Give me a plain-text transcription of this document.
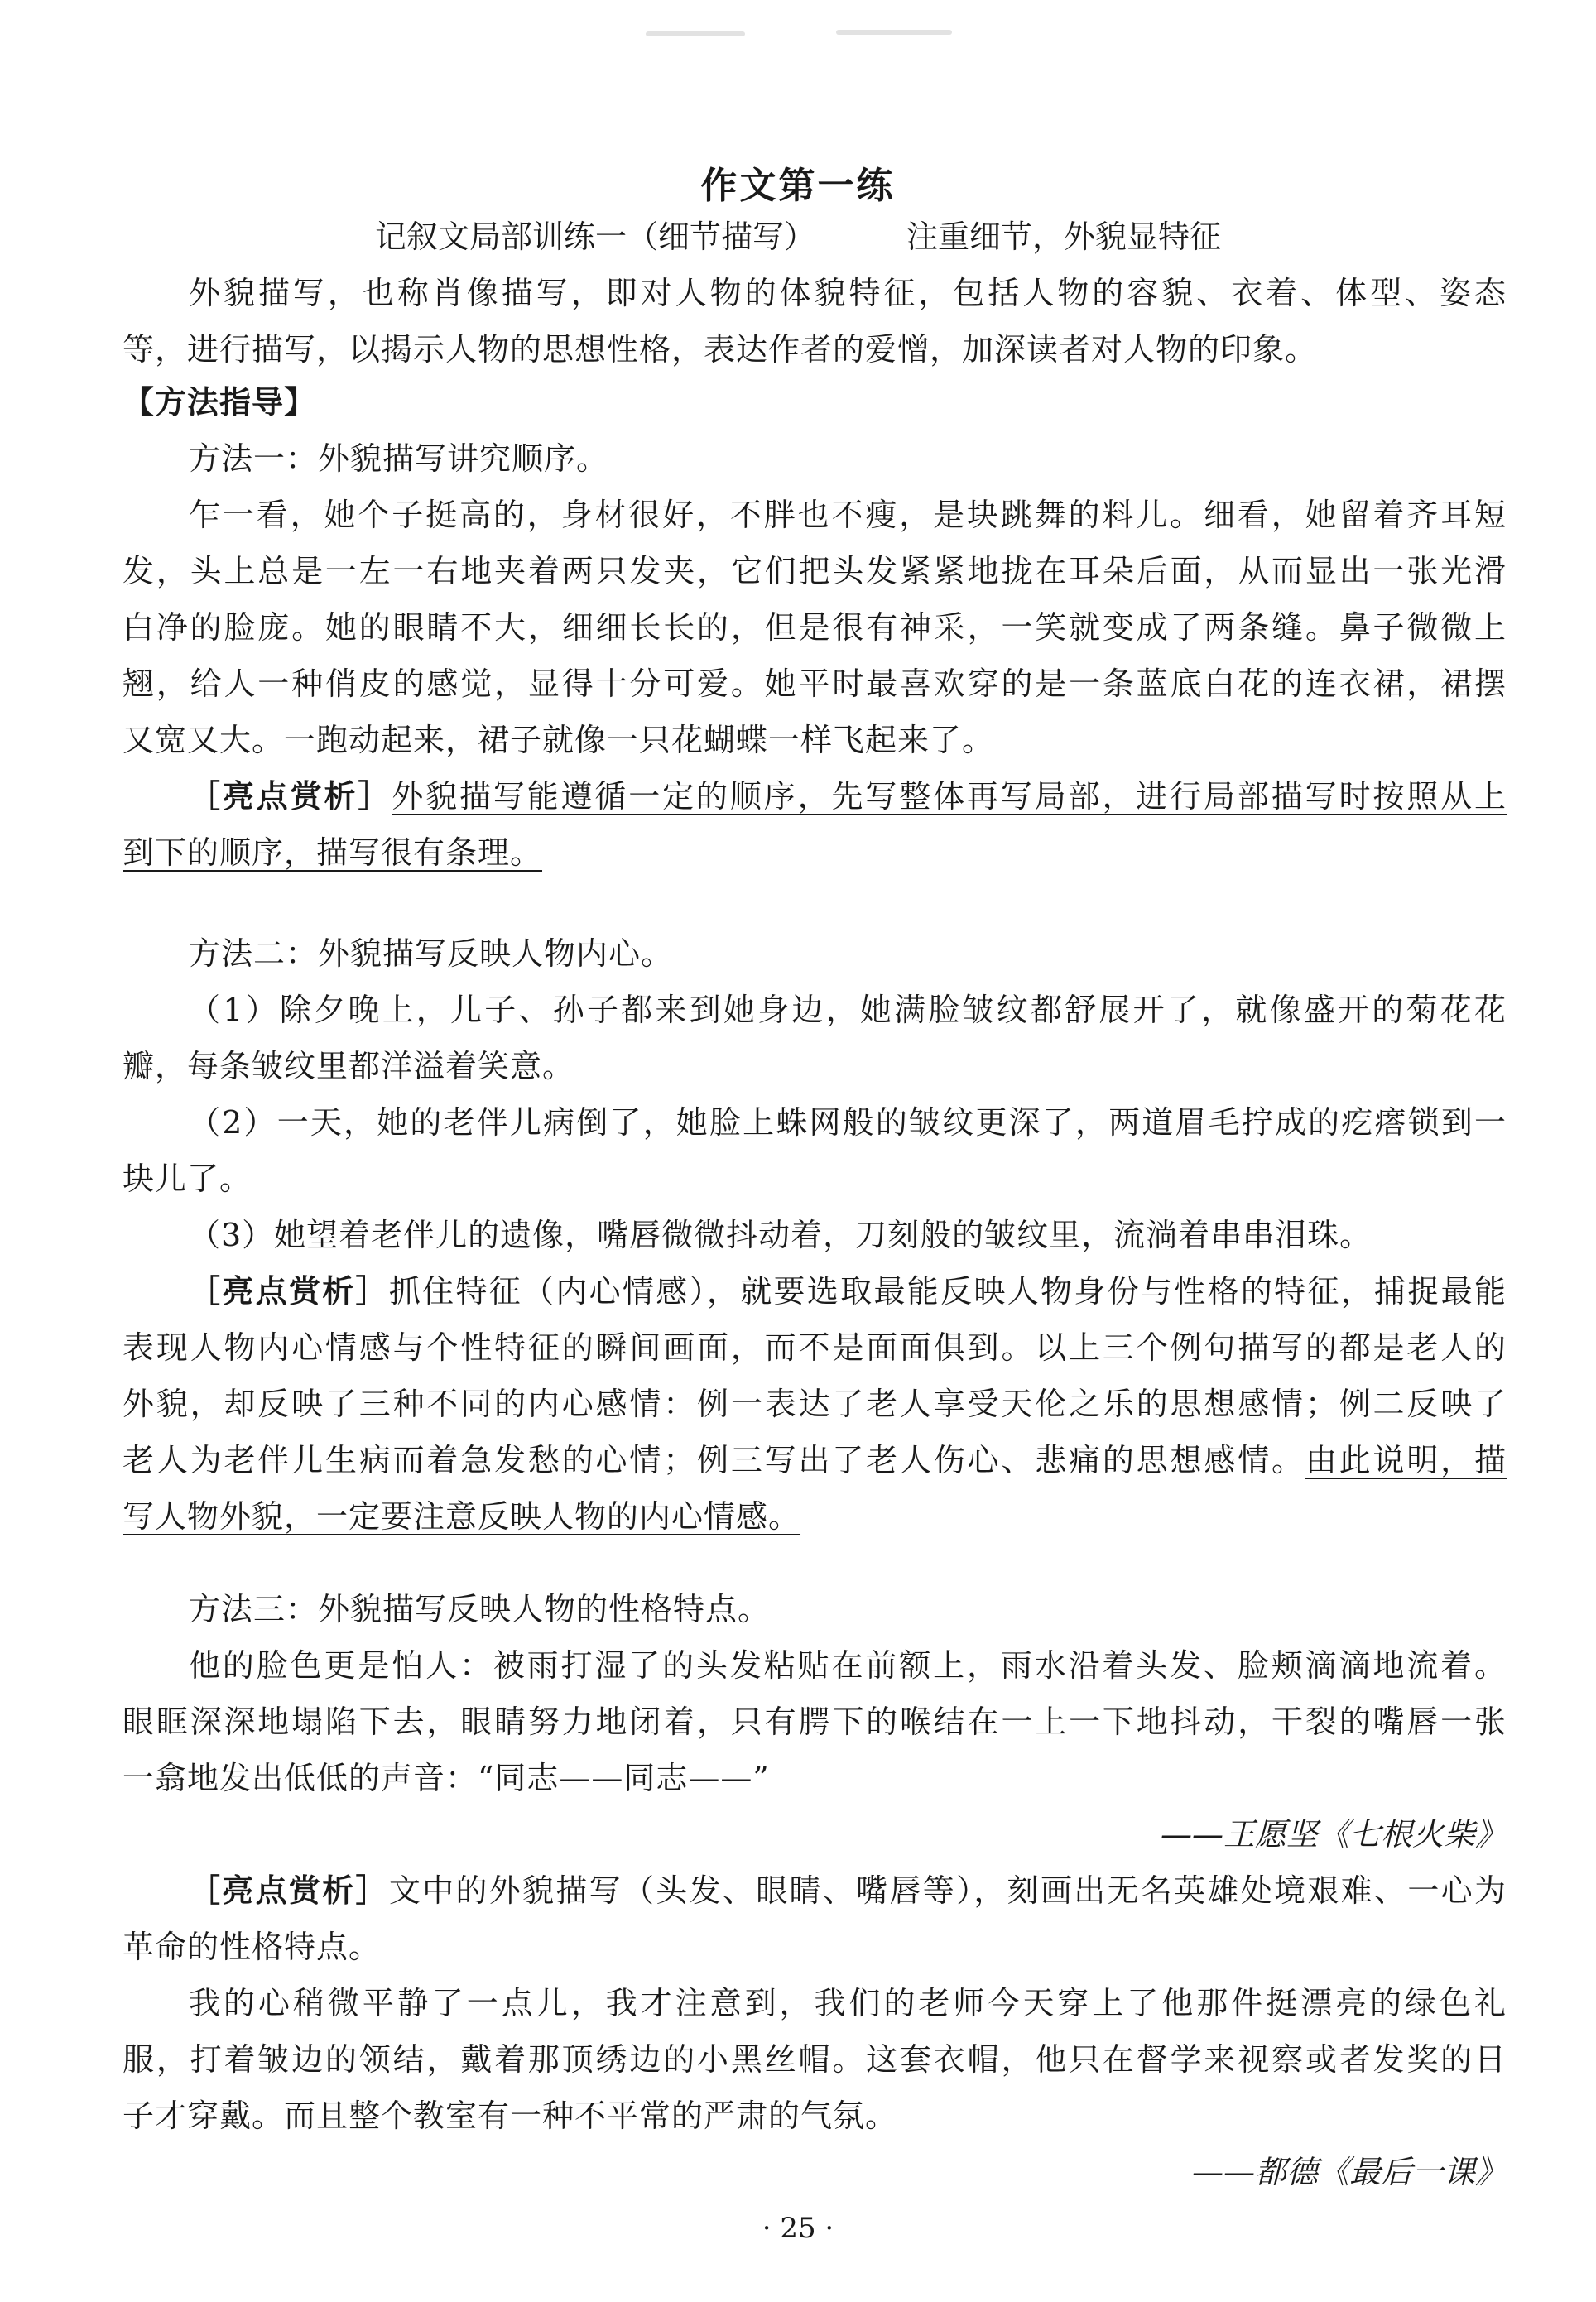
作文第一练
记叙文局部训练一（细节描写）	注重细节，外貌显特征
外貌描写，也称肖像描写，即对人物的体貌特征，包括人物的容貌、衣着、体型、姿态
等，进行描写，以揭示人物的思想性格，表达作者的爱憎，加深读者对人物的印象。
【方法指导】
方法一：外貌描写讲究顺序。
乍一看，她个子挺高的，身材很好，不胖也不瘦，是块跳舞的料儿。细看，她留着齐耳短
发，头上总是一左一右地夹着两只发夹，它们把头发紧紧地拢在耳朵后面，从而显出一张光滑
白净的脸庞。她的眼睛不大，细细长长的，但是很有神采，一笑就变成了两条缝。鼻子微微上
翘，给人一种俏皮的感觉，显得十分可爱。她平时最喜欢穿的是一条蓝底白花的连衣裙，裙摆
又宽又大。一跑动起来，裙子就像一只花蝴蝶一样飞起来了。
［亮点赏析］外貌描写能遵循一定的顺序，先写整体再写局部，进行局部描写时按照从上
到下的顺序，描写很有条理。
方法二：外貌描写反映人物内心。
（1）除夕晚上，儿子、孙子都来到她身边，她满脸皱纹都舒展开了，就像盛开的菊花花
瓣，每条皱纹里都洋溢着笑意。
（2）一天，她的老伴儿病倒了，她脸上蛛网般的皱纹更深了，两道眉毛拧成的疙瘩锁到一
块儿了。
（3）她望着老伴儿的遗像，嘴唇微微抖动着，刀刻般的皱纹里，流淌着串串泪珠。
［亮点赏析］抓住特征（内心情感），就要选取最能反映人物身份与性格的特征，捕捉最能
表现人物内心情感与个性特征的瞬间画面，而不是面面俱到。以上三个例句描写的都是老人的
外貌，却反映了三种不同的内心感情：例一表达了老人享受天伦之乐的思想感情；例二反映了
老人为老伴儿生病而着急发愁的心情；例三写出了老人伤心、悲痛的思想感情。由此说明，描
写人物外貌，一定要注意反映人物的内心情感。
方法三：外貌描写反映人物的性格特点。
他的脸色更是怕人：被雨打湿了的头发粘贴在前额上，雨水沿着头发、脸颊滴滴地流着。
眼眶深深地塌陷下去，眼睛努力地闭着，只有腭下的喉结在一上一下地抖动，干裂的嘴唇一张
一翕地发出低低的声音：“同志——同志——”
——王愿坚《七根火柴》
［亮点赏析］文中的外貌描写（头发、眼睛、嘴唇等），刻画出无名英雄处境艰难、一心为
革命的性格特点。
我的心稍微平静了一点儿，我才注意到，我们的老师今天穿上了他那件挺漂亮的绿色礼
服，打着皱边的领结，戴着那顶绣边的小黑丝帽。这套衣帽，他只在督学来视察或者发奖的日
子才穿戴。而且整个教室有一种不平常的严肃的气氛。
——都德《最后一课》
· 25 ·
